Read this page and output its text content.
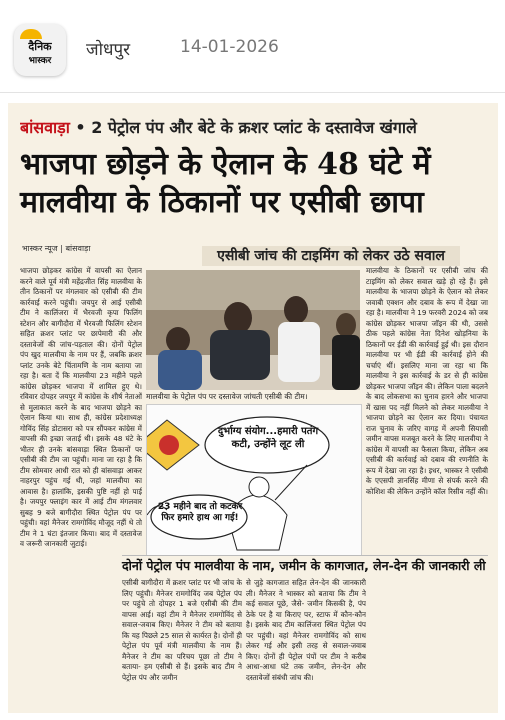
दैनिक
भास्कर
जोधपुर	14-01-2026
बांसवाड़ा • 2 पेट्रोल पंप और बेटे के क्रशर प्लांट के दस्तावेज खंगाले
भाजपा छोड़ने के ऐलान के 48 घंटे में मालवीया के ठिकानों पर एसीबी छापा
भास्कर न्यूज | बांसवाड़ा	एसीबी जांच की टाइमिंग को लेकर उठे सवाल
भाजपा छोड़कर कांग्रेस में वापसी का ऐलान करने वाले पूर्व मंत्री महेंद्रजीत सिंह मालवीया के तीन ठिकानों पर मंगलवार को एसीबी की टीम कार्रवाई करने पहुंची। जयपुर से आई एसीबी टीम ने कालिंजरा में भैरवजी कृपा फिलिंग स्टेशन और बागीदौरा में भैरवजी फिलिंग स्टेशन सहित क्रशर प्लांट पर छापेमारी की और दस्तावेजों की जांच-पड़ताल की। दोनों पेट्रोल पंप खुद मालवीया के नाम पर हैं, जबकि क्रशर प्लांट उनके बेटे चिंतामणि के नाम बताया जा रहा है। बता दें कि मालवीया 23 महीने पहले कांग्रेस छोड़कर भाजपा में शामिल हुए थे। रविवार दोपहर जयपुर में कांग्रेस के शीर्ष नेताओं से मुलाकात करने के बाद भाजपा छोड़ने का ऐलान किया था। साथ ही, कांग्रेस प्रदेशाध्यक्ष गोविंद सिंह डोटासरा को पत्र सौंपकर कांग्रेस में वापसी की इच्छा जताई थी। इसके 48 घंटे के भीतर ही उनके बांसवाड़ा स्थित ठिकानों पर एसीबी की टीम जा पहुंची। माना जा रहा है कि टीम सोमवार आधी रात को ही बांसवाड़ा आकर नाहरपुर पहुंच गई थी, जहां मालवीया का आवास है। हालांकि, इसकी पुष्टि नहीं हो पाई है। जयपुर फ्लाइंग कार में आई टीम मंगलवार सुबह 9 बजे बागीदौरा स्थित पेट्रोल पंप पर पहुंची। वहां मैनेजर रामगोविंद मौजूद नहीं थे तो टीम ने 1 घंटा इंतजार किया। बाद में दस्तावेज व जरूरी जानकारी जुटाई।
मालवीया के पेट्रोल पंप पर दस्तावेज जांचती एसीबी की टीम।
दुर्भाग्य संयोग...हमारी पतंग कटी, उन्होंने लूट ली
23 महीने बाद तो कटकर फिर हमारे हाथ आ गई!
मालवीया के ठिकानों पर एसीबी जांच की टाइमिंग को लेकर सवाल खड़े हो रहे हैं। इसे मालवीया के भाजपा छोड़ने के ऐलान को लेकर जवाबी एक्शन और दबाव के रूप में देखा जा रहा है। मालवीया ने 19 फरवरी 2024 को जब कांग्रेस छोड़कर भाजपा जॉइन की थी, उससे ठीक पहले कांग्रेस नेता दिनेश खोड़निया के ठिकानों पर ईडी की कार्रवाई हुई थी। इस दौरान मालवीया पर भी ईडी की कार्रवाई होने की चर्चाएं थीं। इसलिए माना जा रहा था कि मालवीया ने इस कार्रवाई के डर से ही कांग्रेस छोड़कर भाजपा जॉइन की। लेकिन पाला बदलने के बाद लोकसभा का चुनाव हारने और भाजपा में खास पद नहीं मिलने को लेकर मालवीया ने भाजपा छोड़ने का ऐलान कर दिया। पंचायत राज चुनाव के जरिए वागड़ में अपनी सियासी जमीन वापस मजबूत करने के लिए मालवीया ने कांग्रेस में वापसी का फैसला किया, लेकिन अब एसीबी की कार्रवाई को दबाव की रणनीति के रूप में देखा जा रहा है। इधर, भास्कर ने एसीबी के एएसपी ज्ञानसिंह मीणा से संपर्क करने की कोशिश की लेकिन उन्होंने कॉल रिसीव नहीं की।
दोनों पेट्रोल पंप मालवीया के नाम, जमीन के कागजात, लेन-देन की जानकारी ली
एसीबी बागीदौरा में क्रशर प्लांट पर भी जांच के लिए पहुंची। मैनेजर रामगोविंद जब पेट्रोल पंप पर पहुंचे तो दोपहर 1 बजे एसीबी की टीम वापस आई। वहां टीम ने मैनेजर रामगोविंद से सवाल-जवाब किए। मैनेजर ने टीम को बताया कि यह पिछले 25 साल से कार्यरत है। दोनों ही पेट्रोल पंप पूर्व मंत्री मालवीया के नाम हैं। मैनेजर ने टीम का परिचय पूछा तो टीम ने बताया- हम एसीबी से हैं। इसके बाद टीम ने पेट्रोल पंप और जमीन
से जुड़े कागजात सहित लेन-देन की जानकारी ली। मैनेजर ने भास्कर को बताया कि टीम ने कई सवाल पूछे, जैसे- जमीन किसकी है, पंप ठेके पर है या किराए पर, स्टाफ में कौन-कौन है। इसके बाद टीम कालिंजरा स्थित पेट्रोल पंप पर पहुंची। वहां मैनेजर रामगोविंद को साथ लेकर गई और इसी तरह से सवाल-जवाब किए। दोनों ही पेट्रोल पंपों पर टीम ने करीब आधा-आधा घंटे तक जमीन, लेन-देन और दस्तावेजों संबंधी जांच की।
